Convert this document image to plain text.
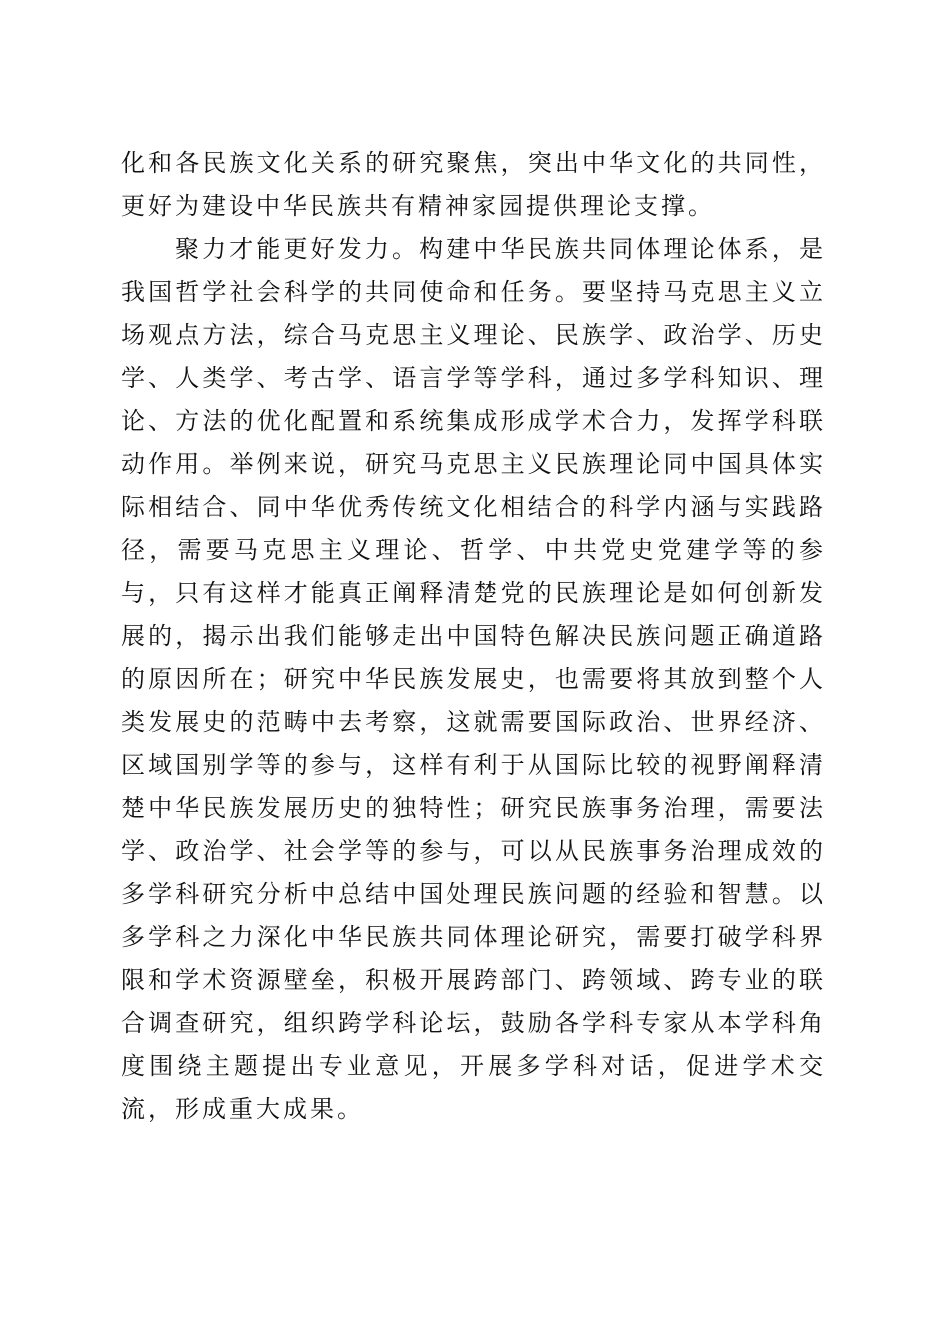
化和各民族文化关系的研究聚焦，突出中华文化的共同性，更好为建设中华民族共有精神家园提供理论支撑。

聚力才能更好发力。构建中华民族共同体理论体系，是我国哲学社会科学的共同使命和任务。要坚持马克思主义立场观点方法，综合马克思主义理论、民族学、政治学、历史学、人类学、考古学、语言学等学科，通过多学科知识、理论、方法的优化配置和系统集成形成学术合力，发挥学科联动作用。举例来说，研究马克思主义民族理论同中国具体实际相结合、同中华优秀传统文化相结合的科学内涵与实践路径，需要马克思主义理论、哲学、中共党史党建学等的参与，只有这样才能真正阐释清楚党的民族理论是如何创新发展的，揭示出我们能够走出中国特色解决民族问题正确道路的原因所在；研究中华民族发展史，也需要将其放到整个人类发展史的范畴中去考察，这就需要国际政治、世界经济、区域国别学等的参与，这样有利于从国际比较的视野阐释清楚中华民族发展历史的独特性；研究民族事务治理，需要法学、政治学、社会学等的参与，可以从民族事务治理成效的多学科研究分析中总结中国处理民族问题的经验和智慧。以多学科之力深化中华民族共同体理论研究，需要打破学科界限和学术资源壁垒，积极开展跨部门、跨领域、跨专业的联合调查研究，组织跨学科论坛，鼓励各学科专家从本学科角度围绕主题提出专业意见，开展多学科对话，促进学术交流，形成重大成果。
